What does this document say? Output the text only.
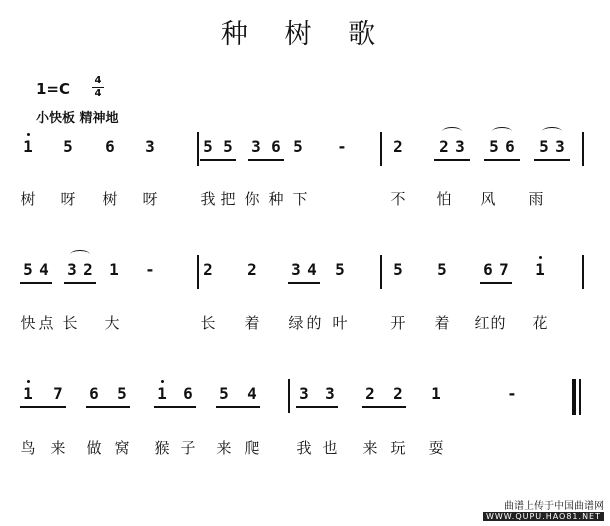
种 树 歌
1=C 4
4
小快板 精神地
1 5 6 3	5 5 3 6 5 -	2 2 3 5 6 5 3
树 呀 树 呀	我 把 你 种 下	不 怕 风 雨
5 4 3 2 1 -	2 2 3 4 5	5 5 6 7 1
快 点 长 大	长 着 绿 的 叶	开 着 红 的 花
1 7 6 5 1 6 5 4	3 3 2 2 1	-
鸟 来 做 窝 猴 子 来 爬 我 也 来 玩 耍
曲谱上传于中国曲谱网
WWW.QUPU.HAO81.NET
